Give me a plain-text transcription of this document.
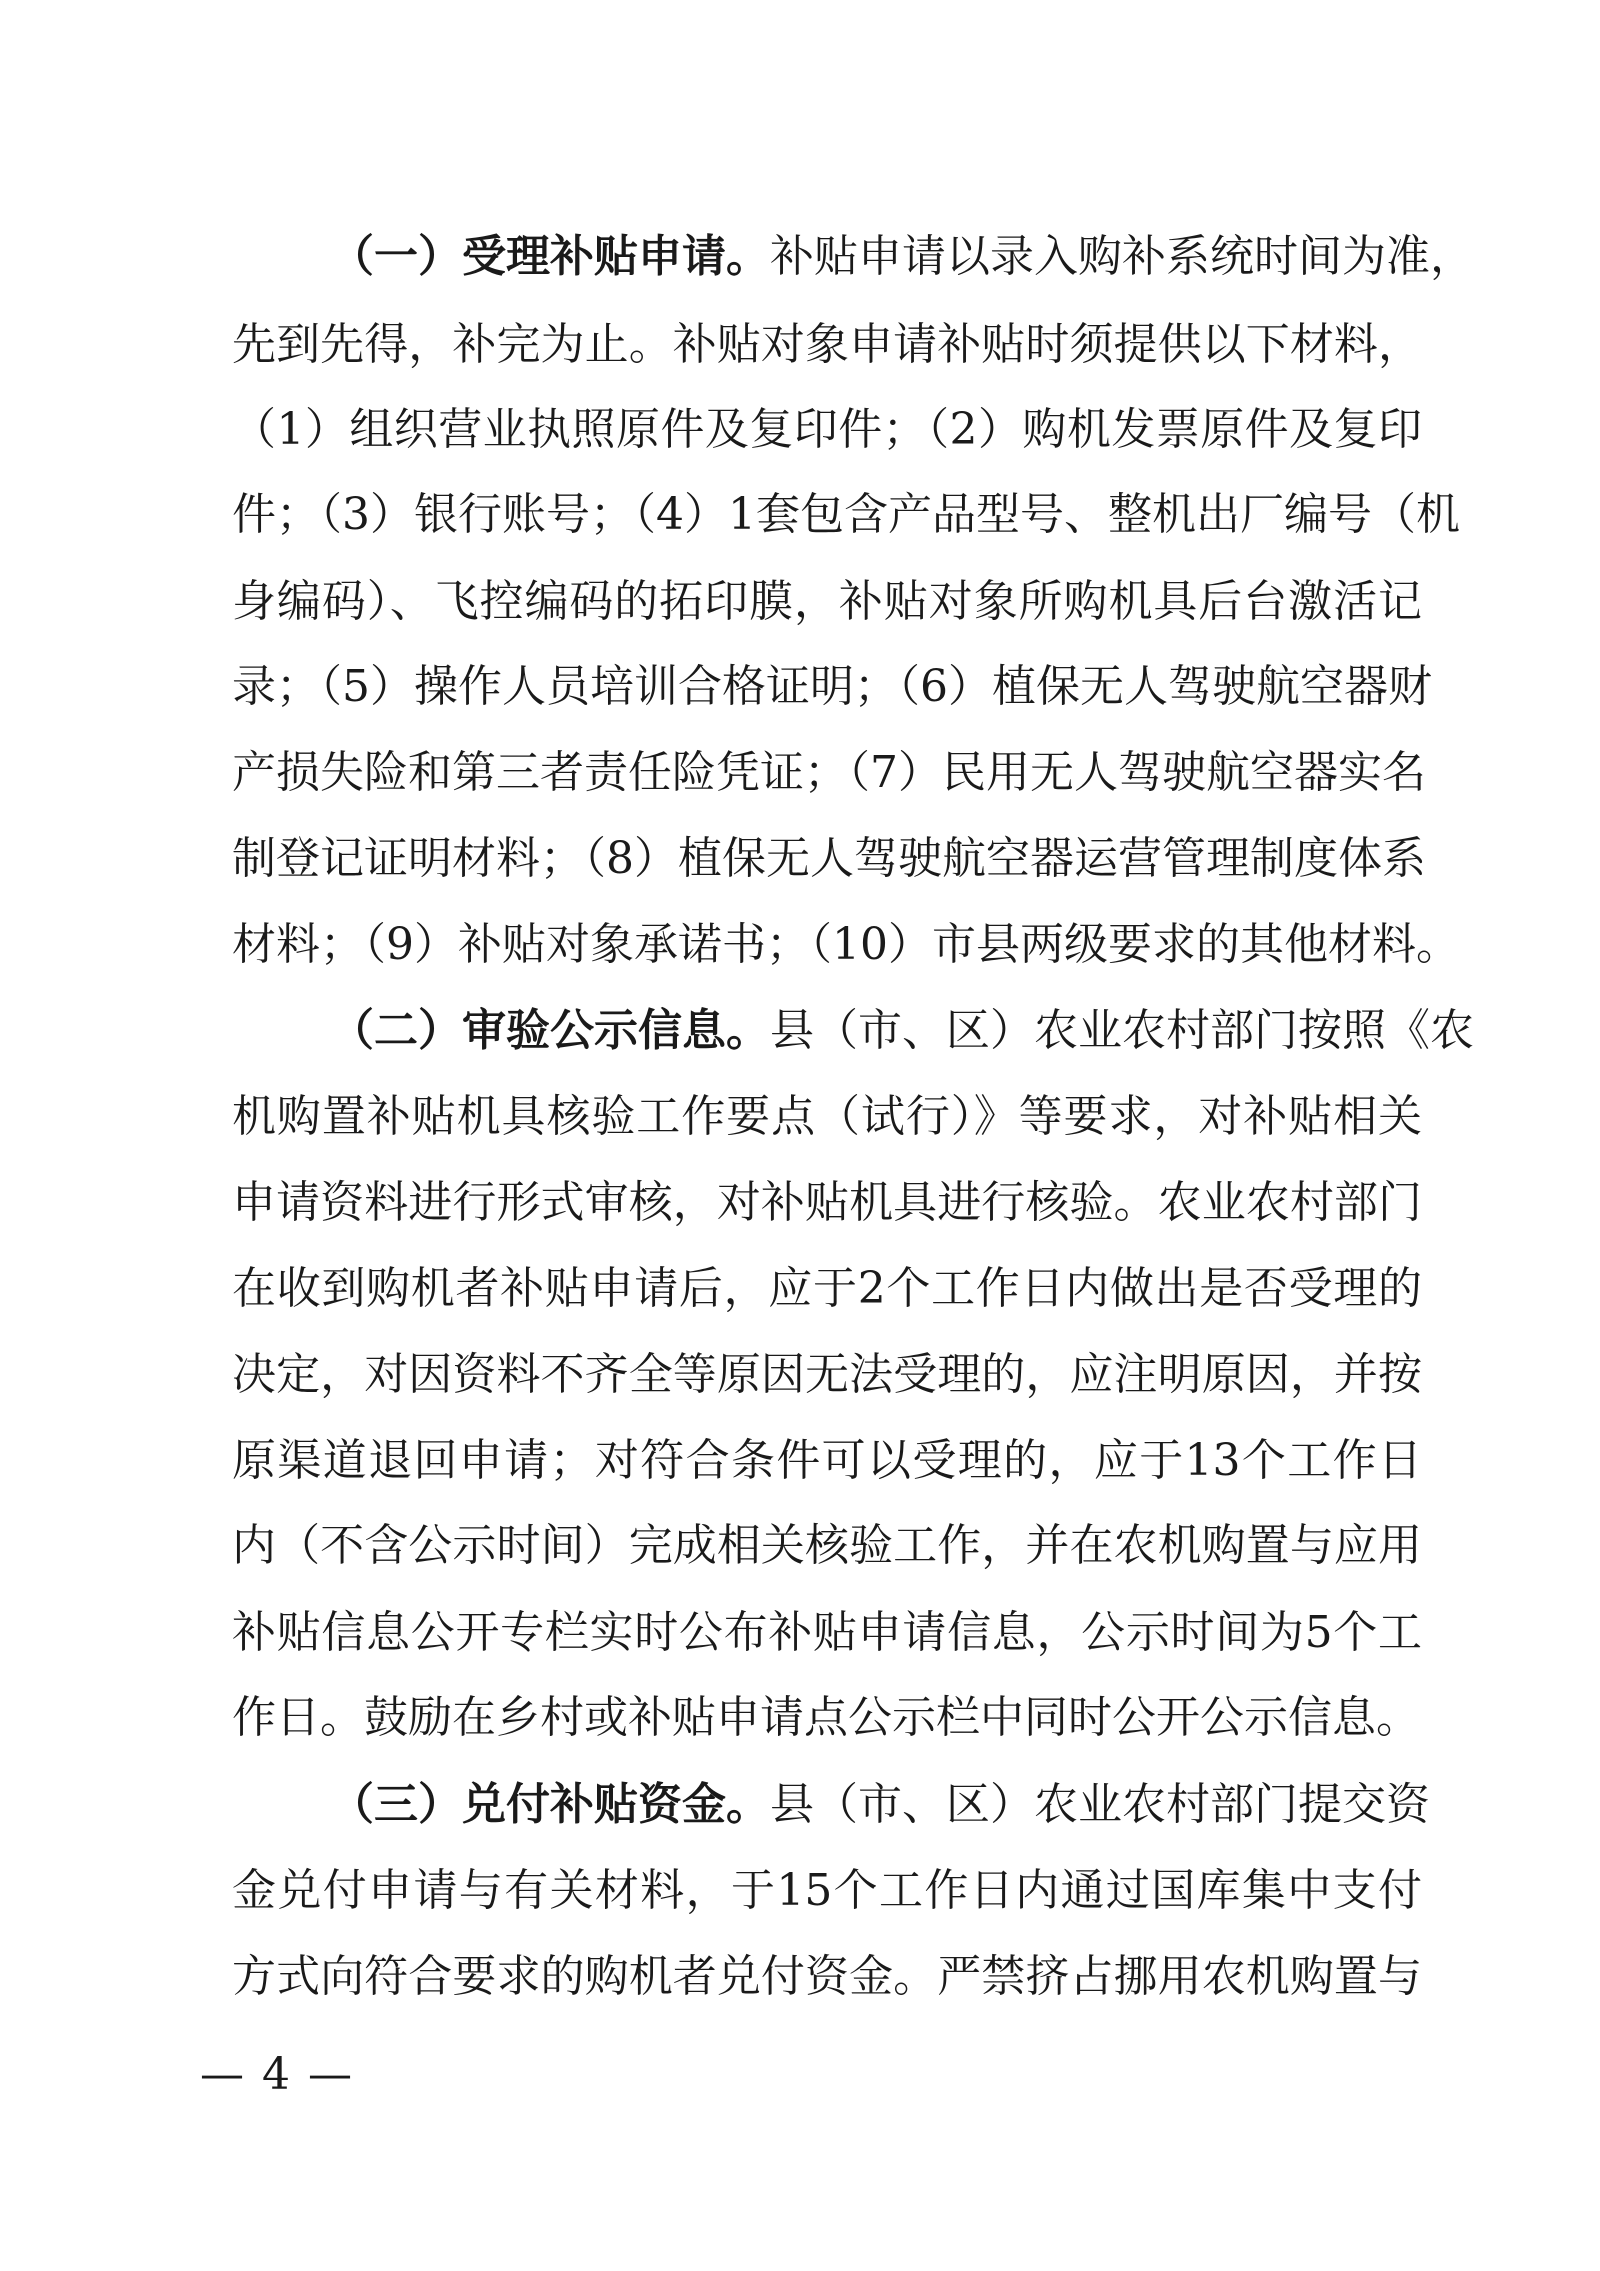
（一）受理补贴申请。补贴申请以录入购补系统时间为准，
先到先得，补完为止。补贴对象申请补贴时须提供以下材料，
（1）组织营业执照原件及复印件；（2）购机发票原件及复印
件；（3）银行账号；（4）1套包含产品型号、整机出厂编号（机
身编码）、飞控编码的拓印膜，补贴对象所购机具后台激活记
录；（5）操作人员培训合格证明；（6）植保无人驾驶航空器财
产损失险和第三者责任险凭证；（7）民用无人驾驶航空器实名
制登记证明材料；（8）植保无人驾驶航空器运营管理制度体系
材料；（9）补贴对象承诺书；（10）市县两级要求的其他材料。
（二）审验公示信息。县（市、区）农业农村部门按照《农
机购置补贴机具核验工作要点（试行）》等要求，对补贴相关
申请资料进行形式审核，对补贴机具进行核验。农业农村部门
在收到购机者补贴申请后，应于2个工作日内做出是否受理的
决定，对因资料不齐全等原因无法受理的，应注明原因，并按
原渠道退回申请；对符合条件可以受理的，应于13个工作日
内（不含公示时间）完成相关核验工作，并在农机购置与应用
补贴信息公开专栏实时公布补贴申请信息，公示时间为5个工
作日。鼓励在乡村或补贴申请点公示栏中同时公开公示信息。
（三）兑付补贴资金。县（市、区）农业农村部门提交资
金兑付申请与有关材料，于15个工作日内通过国库集中支付
方式向符合要求的购机者兑付资金。严禁挤占挪用农机购置与
— 4 —
